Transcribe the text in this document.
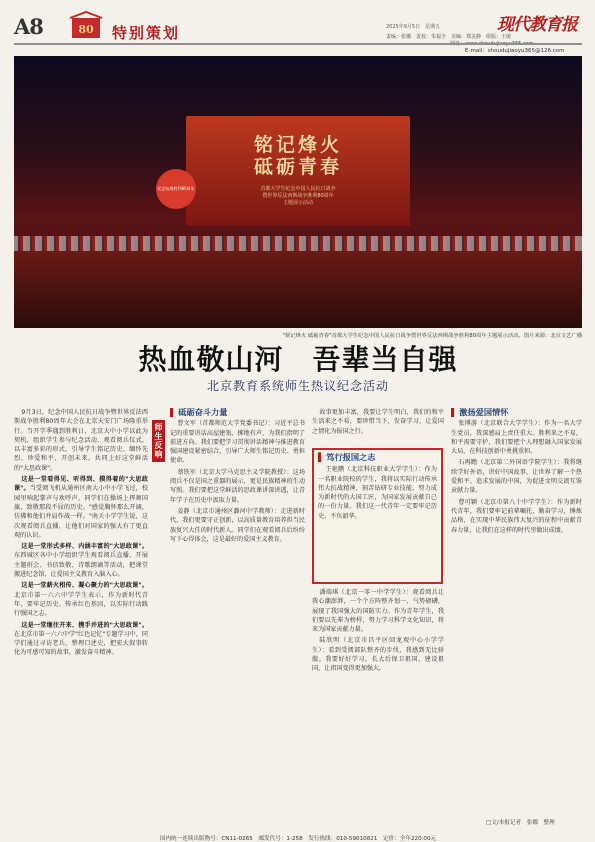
A8	80 特别策划	2025年9月5日　星期五	现代教育报
责编：张娜　责校：朱福全　美编：郑美静　组版：王敏
E-mail：shoudujiaoyu365@126.com
铭记烽火
砥砺青春
首都大学生纪念中国人民抗日战争
暨世界反法西斯战争胜利80周年
主题展示活动
纪念抗战胜利80周年
"铭记烽火 砥砺青春"首都大学生纪念中国人民抗日战争暨世界反法西斯战争胜利80周年主题展示活动。图片来源：北京文艺广播
热血敬山河　吾辈当自强
北京教育系统师生热议纪念活动

9月3日，纪念中国人民抗日战争暨世界反法西斯战争胜利80周年大会在北京天安门广场隆重举行。当开学季遇到胜利日，北京大中小学以此为契机，组织学生参与纪念活动、观看阅兵仪式，以丰富多彩的形式，引导学生铭记历史、缅怀先烈、珍爱和平、开创未来。共同上好这堂鲜活的"大思政课"。

这是一堂看得见、听得到、摸得着的"大思政课"。当受阅飞机从通州区南大小中小学飞过，校园里响起掌声与欢呼声，同学们在操场上挥舞国旗，致敬那段不屈的历史。"感觉胸怀那么开阔，仿佛和他们并肩作战一样。"南关小学学生说，这次观看阅兵直播，让他们对国家的强大有了更直观的认识。

这是一堂形式多样、内涵丰富的"大思政课"。东西城区各中小学组织学生观看阅兵直播，开展主题班会、书信致敬、诗歌朗诵等活动，把课堂搬进纪念馆，让爱国主义教育入脑入心。

这是一堂薪火相传、凝心聚力的"大思政课"。北京市第一六六中学学生表示，作为新时代青年，要牢记历史、传承红色基因，以实际行动践行强国之志。

这是一堂继往开来、携手并进的"大思政课"。在北京市第一六六中学"红色记忆"专题学习中，同学们通过寻访老兵、整理口述史，把宏大叙事转化为可感可知的故事，激发奋斗精神。

师生反响

▌ 砥砺奋斗力量

曹文军（首都师范大学党委书记）：习近平总书记的重要讲话高屋建瓴、掷地有声，为我们指明了前进方向。我们要把学习贯彻讲话精神与推进教育强国建设紧密结合，引导广大师生铭记历史、勇担使命。

蔡铁军（北京大学马克思主义学院教授）：这场阅兵不仅是国之重器的展示，更是民族精神的生动写照。我们要把这堂鲜活的思政课讲深讲透，让青年学子在历史中汲取力量。

姜静（北京市通州区潞河中学教师）：走进新时代，我们更要守正创新，以高质量教育培养担当民族复兴大任的时代新人。同学们在观看阅兵后纷纷写下心得体会，这是最好的爱国主义教育。

故事更加丰富，我要让学生明白，我们的和平生活来之不易，要珍惜当下、发奋学习，让爱国之情化为报国之行。

▌ 笃行报国之志

王艳鹏（北京科技职业大学学生）：作为一名职业院校的学生，我将以实际行动传承伟大抗战精神，刻苦钻研专业技能，努力成为新时代的大国工匠，为国家发展贡献自己的一份力量。我们这一代青年一定要牢记历史、不负韶华。

潘瑞琪（北京一零一中学学生）：观看阅兵让我心潮澎湃，一个个方阵整齐划一、气势磅礴，展现了我国强大的国防实力。作为青年学生，我们要以先辈为榜样，努力学习科学文化知识，将来为国家贡献力量。

陆欣明（北京市昌平区回龙观中心小学学生）：看到受阅部队整齐的步伐，我感到无比骄傲。我要好好学习，长大后保卫祖国、建设祖国，让祖国变得更加强大。

▌ 激扬爱国情怀

张博游（北京联合大学学生）：作为一名大学生党员，我深感肩上责任重大。胜利来之不易，和平需要守护，我们要把个人理想融入国家发展大局，在科技创新中勇挑重担。

石再瞻（北京第二外国语学院学生）：我将继续学好外语，讲好中国故事，让世界了解一个热爱和平、追求发展的中国，为促进文明交流互鉴贡献力量。

曹可颖（北京市第八十中学学生）：作为新时代青年，我们要牢记前辈嘱托，勤奋学习，锤炼品格，在实现中华民族伟大复兴的征程中贡献青春力量，让我们在这样的时代里做出成绩。

□文/本报记者　张娜　整理
国内统一连续出版物号：CN11-0265　邮发代号：1-258　发行热线：010-59010821　定价：全年220.00元
